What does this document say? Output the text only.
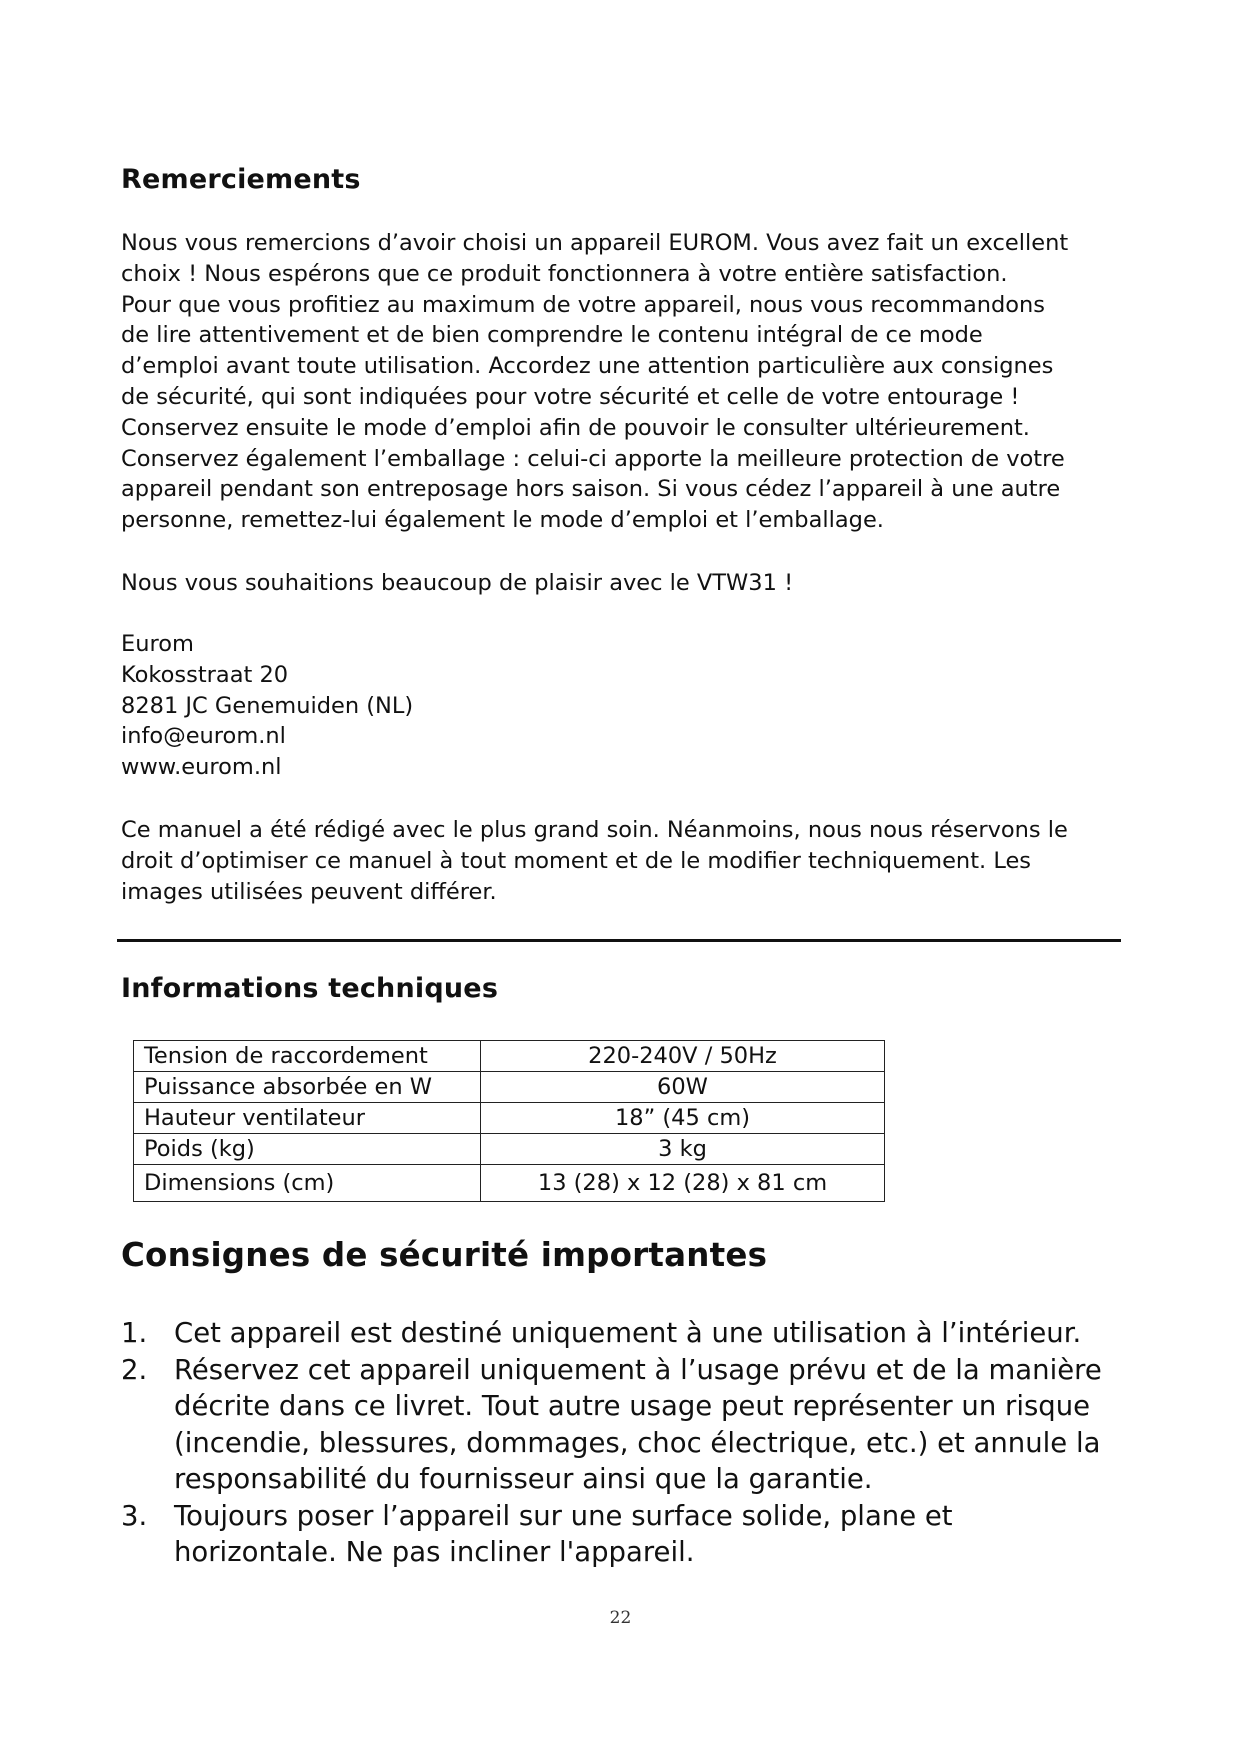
Remerciements

Nous vous remercions d’avoir choisi un appareil EUROM. Vous avez fait un excellent

choix ! Nous espérons que ce produit fonctionnera à votre entière satisfaction.

Pour que vous profitiez au maximum de votre appareil, nous vous recommandons

de lire attentivement et de bien comprendre le contenu intégral de ce mode

d’emploi avant toute utilisation. Accordez une attention particulière aux consignes

de sécurité, qui sont indiquées pour votre sécurité et celle de votre entourage !

Conservez ensuite le mode d’emploi afin de pouvoir le consulter ultérieurement.

Conservez également l’emballage : celui-ci apporte la meilleure protection de votre

appareil pendant son entreposage hors saison. Si vous cédez l’appareil à une autre

personne, remettez-lui également le mode d’emploi et l’emballage.

Nous vous souhaitions beaucoup de plaisir avec le VTW31 !

Eurom

Kokosstraat 20

8281 JC Genemuiden (NL)

info@eurom.nl

www.eurom.nl

Ce manuel a été rédigé avec le plus grand soin. Néanmoins, nous nous réservons le

droit d’optimiser ce manuel à tout moment et de le modifier techniquement. Les

images utilisées peuvent différer.

Informations techniques
Tension de raccordement	220-240V / 50Hz
Puissance absorbée en W	60W
Hauteur ventilateur	18” (45 cm)
Poids (kg)	3 kg
Dimensions (cm)	13 (28) x 12 (28) x 81 cm
Consignes de sécurité importantes
1. Cet appareil est destiné uniquement à une utilisation à l’intérieur.
2. Réservez cet appareil uniquement à l’usage prévu et de la manière décrite dans ce livret. Tout autre usage peut représenter un risque (incendie, blessures, dommages, choc électrique, etc.) et annule la responsabilité du fournisseur ainsi que la garantie.
3. Toujours poser l’appareil sur une surface solide, plane et horizontale. Ne pas incliner l'appareil.
22
